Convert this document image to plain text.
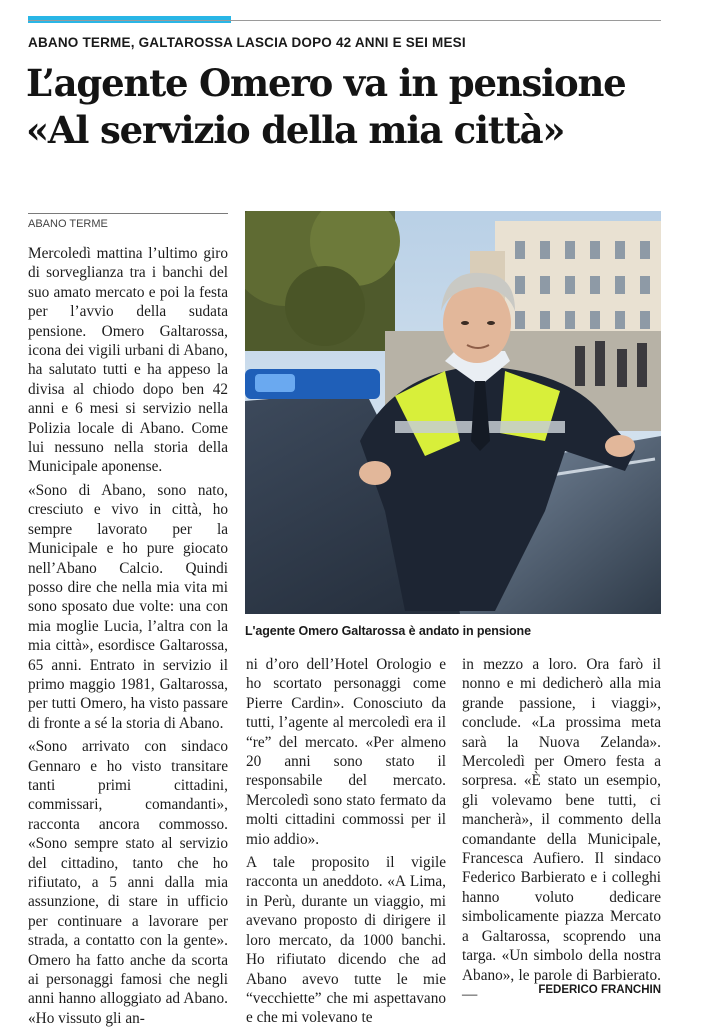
ABANO TERME, GALTAROSSA LASCIA DOPO 42 ANNI E SEI MESI
L’agente Omero va in pensione
«Al servizio della mia città»
ABANO TERME

Mercoledì mattina l’ultimo giro di sorveglianza tra i banchi del suo amato mercato e poi la festa per l’avvio della sudata pensione. Omero Galtarossa, icona dei vigili urbani di Abano, ha salutato tutti e ha appeso la divisa al chiodo dopo ben 42 anni e 6 mesi si servizio nella Polizia locale di Abano. Come lui nessuno nella storia della Municipale aponense.

«Sono di Abano, sono nato, cresciuto e vivo in città, ho sempre lavorato per la Municipale e ho pure giocato nell’Abano Calcio. Quindi posso dire che nella mia vita mi sono sposato due volte: una con mia moglie Lucia, l’altra con la mia città», esordisce Galtarossa, 65 anni. Entrato in servizio il primo maggio 1981, Galtarossa, per tutti Omero, ha visto passare di fronte a sé la storia di Abano.

«Sono arrivato con sindaco Gennaro e ho visto transitare tanti primi cittadini, commissari, comandanti», racconta ancora commosso. «Sono sempre stato al servizio del cittadino, tanto che ho rifiutato, a 5 anni dalla mia assunzione, di stare in ufficio per continuare a lavorare per strada, a contatto con la gente». Omero ha fatto anche da scorta ai personaggi famosi che negli anni hanno alloggiato ad Abano. «Ho vissuto gli an-

L'agente Omero Galtarossa è andato in pensione

ni d’oro dell’Hotel Orologio e ho scortato personaggi come Pierre Cardin». Conosciuto da tutti, l’agente al mercoledì era il “re” del mercato. «Per almeno 20 anni sono stato il responsabile del mercato. Mercoledì sono stato fermato da molti cittadini commossi per il mio addio».

A tale proposito il vigile racconta un aneddoto. «A Lima, in Perù, durante un viaggio, mi avevano proposto di dirigere il loro mercato, da 1000 banchi. Ho rifiutato dicendo che ad Abano avevo tutte le mie “vecchiette” che mi aspettavano e che mi volevano te

in mezzo a loro. Ora farò il nonno e mi dedicherò alla mia grande passione, i viaggi», conclude. «La prossima meta sarà la Nuova Zelanda». Mercoledì per Omero festa a sorpresa. «È stato un esempio, gli volevamo bene tutti, ci mancherà», il commento della comandante della Municipale, Francesca Aufiero. Il sindaco Federico Barbierato e i colleghi hanno voluto dedicare simbolicamente piazza Mercato a Galtarossa, scoprendo una targa. «Un simbolo della nostra Abano», le parole di Barbierato. —	FEDERICO FRANCHIN
